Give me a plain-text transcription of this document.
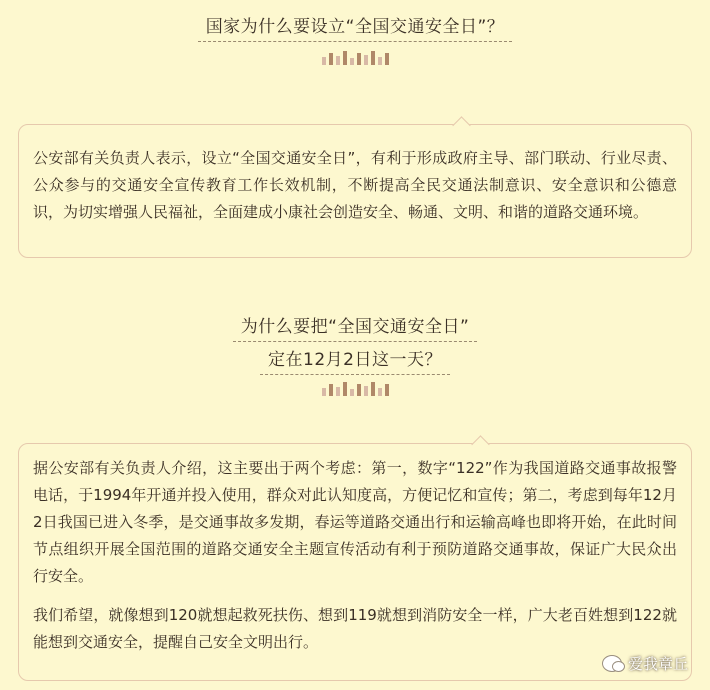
国家为什么要设立“全国交通安全日”？

公安部有关负责人表示，设立“全国交通安全日”，有利于形成政府主导、部门联动、行业尽责、公众参与的交通安全宣传教育工作长效机制，不断提高全民交通法制意识、安全意识和公德意识，为切实增强人民福祉，全面建成小康社会创造安全、畅通、文明、和谐的道路交通环境。

为什么要把“全国交通安全日”
定在12月2日这一天？

据公安部有关负责人介绍，这主要出于两个考虑：第一，数字“122”作为我国道路交通事故报警电话，于1994年开通并投入使用，群众对此认知度高，方便记忆和宣传；第二，考虑到每年12月2日我国已进入冬季，是交通事故多发期，春运等道路交通出行和运输高峰也即将开始，在此时间节点组织开展全国范围的道路交通安全主题宣传活动有利于预防道路交通事故，保证广大民众出行安全。

我们希望，就像想到120就想起救死扶伤、想到119就想到消防安全一样，广大老百姓想到122就能想到交通安全，提醒自己安全文明出行。

爱我章丘
